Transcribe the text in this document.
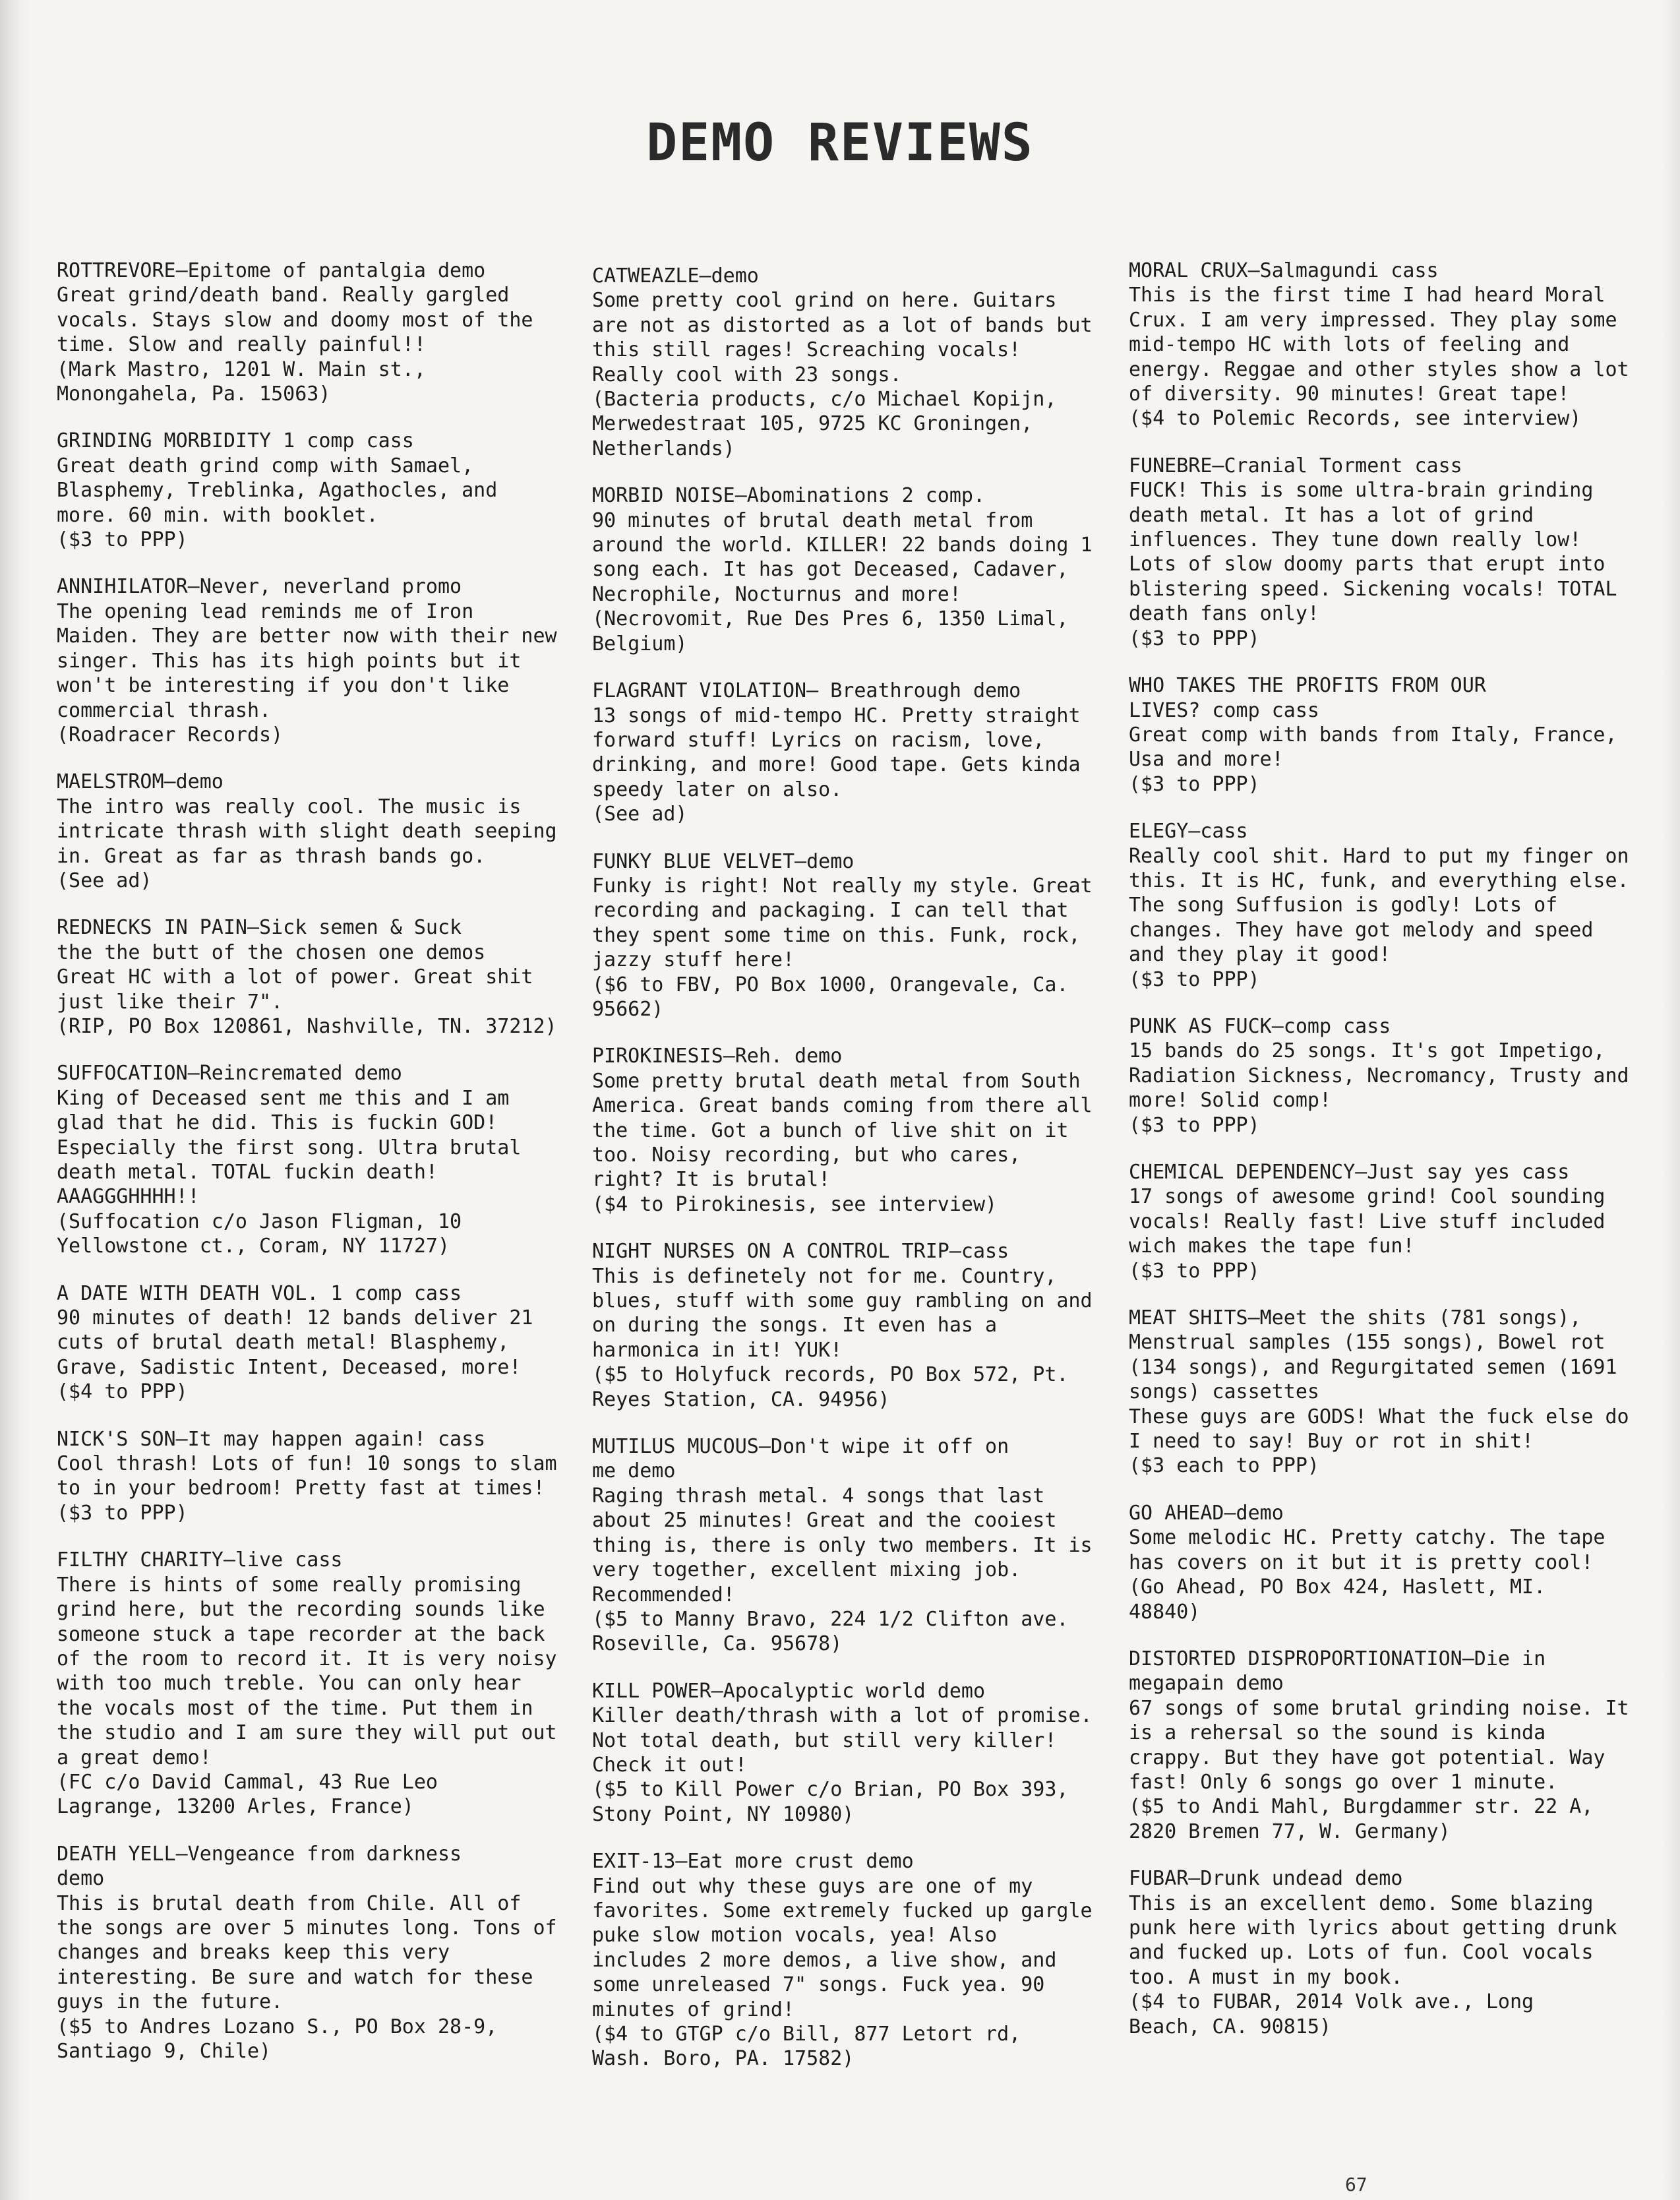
DEMO REVIEWS

ROTTREVORE–Epitome of pantalgia demo

Great grind/death band. Really gargled vocals. Stays slow and doomy most of the time. Slow and really painful!!
(Mark Mastro, 1201 W. Main st.,
Monongahela, Pa. 15063)

GRINDING MORBIDITY 1 comp cass

Great death grind comp with Samael, Blasphemy, Treblinka, Agathocles, and more. 60 min. with booklet.
($3 to PPP)

ANNIHILATOR–Never, neverland promo

The opening lead reminds me of Iron Maiden. They are better now with their new singer. This has its high points but it won't be interesting if you don't like commercial thrash.
(Roadracer Records)

MAELSTROM–demo

The intro was really cool. The music is intricate thrash with slight death seeping in. Great as far as thrash bands go.
(See ad)

REDNECKS IN PAIN–Sick semen & Suck

the the butt of the chosen one demos
Great HC with a lot of power. Great shit just like their 7".
(RIP, PO Box 120861, Nashville, TN. 37212)

SUFFOCATION–Reincremated demo

King of Deceased sent me this and I am glad that he did. This is fuckin GOD! Especially the first song. Ultra brutal death metal. TOTAL fuckin death!
AAAGGGHHHH!!
(Suffocation c/o Jason Fligman, 10
Yellowstone ct., Coram, NY 11727)

A DATE WITH DEATH VOL. 1 comp cass

90 minutes of death! 12 bands deliver 21 cuts of brutal death metal! Blasphemy, Grave, Sadistic Intent, Deceased, more!
($4 to PPP)

NICK'S SON–It may happen again! cass

Cool thrash! Lots of fun! 10 songs to slam to in your bedroom! Pretty fast at times!
($3 to PPP)

FILTHY CHARITY–live cass

There is hints of some really promising grind here, but the recording sounds like someone stuck a tape recorder at the back of the room to record it. It is very noisy with too much treble. You can only hear the vocals most of the time. Put them in the studio and I am sure they will put out a great demo!
(FC c/o David Cammal, 43 Rue Leo
Lagrange, 13200 Arles, France)

DEATH YELL–Vengeance from darkness

demo
This is brutal death from Chile. All of the songs are over 5 minutes long. Tons of changes and breaks keep this very interesting. Be sure and watch for these guys in the future.
($5 to Andres Lozano S., PO Box 28-9,
Santiago 9, Chile)

CATWEAZLE–demo

Some pretty cool grind on here. Guitars are not as distorted as a lot of bands but this still rages! Screaching vocals! Really cool with 23 songs.
(Bacteria products, c/o Michael Kopijn,
Merwedestraat 105, 9725 KC Groningen,
Netherlands)

MORBID NOISE–Abominations 2 comp.

90 minutes of brutal death metal from around the world. KILLER! 22 bands doing 1 song each. It has got Deceased, Cadaver, Necrophile, Nocturnus and more!
(Necrovomit, Rue Des Pres 6, 1350 Limal,
Belgium)

FLAGRANT VIOLATION– Breathrough demo

13 songs of mid-tempo HC. Pretty straight forward stuff! Lyrics on racism, love, drinking, and more! Good tape. Gets kinda speedy later on also.
(See ad)

FUNKY BLUE VELVET–demo

Funky is right! Not really my style. Great recording and packaging. I can tell that they spent some time on this. Funk, rock, jazzy stuff here!
($6 to FBV, PO Box 1000, Orangevale, Ca.
95662)

PIROKINESIS–Reh. demo

Some pretty brutal death metal from South America. Great bands coming from there all the time. Got a bunch of live shit on it too. Noisy recording, but who cares, right? It is brutal!
($4 to Pirokinesis, see interview)

NIGHT NURSES ON A CONTROL TRIP–cass

This is definetely not for me. Country, blues, stuff with some guy rambling on and on during the songs. It even has a harmonica in it! YUK!
($5 to Holyfuck records, PO Box 572, Pt.
Reyes Station, CA. 94956)

MUTILUS MUCOUS–Don't wipe it off on

me demo
Raging thrash metal. 4 songs that last about 25 minutes! Great and the cooiest thing is, there is only two members. It is very together, excellent mixing job. Recommended!
($5 to Manny Bravo, 224 1/2 Clifton ave.
Roseville, Ca. 95678)

KILL POWER–Apocalyptic world demo

Killer death/thrash with a lot of promise. Not total death, but still very killer! Check it out!
($5 to Kill Power c/o Brian, PO Box 393,
Stony Point, NY 10980)

EXIT-13–Eat more crust demo

Find out why these guys are one of my favorites. Some extremely fucked up gargle puke slow motion vocals, yea! Also includes 2 more demos, a live show, and some unreleased 7" songs. Fuck yea. 90 minutes of grind!
($4 to GTGP c/o Bill, 877 Letort rd,
Wash. Boro, PA. 17582)

MORAL CRUX–Salmagundi cass

This is the first time I had heard Moral Crux. I am very impressed. They play some mid-tempo HC with lots of feeling and energy. Reggae and other styles show a lot of diversity. 90 minutes! Great tape!
($4 to Polemic Records, see interview)

FUNEBRE–Cranial Torment cass

FUCK! This is some ultra-brain grinding death metal. It has a lot of grind influences. They tune down really low! Lots of slow doomy parts that erupt into blistering speed. Sickening vocals! TOTAL death fans only!
($3 to PPP)

WHO TAKES THE PROFITS FROM OUR

LIVES? comp cass
Great comp with bands from Italy, France, Usa and more!
($3 to PPP)

ELEGY–cass

Really cool shit. Hard to put my finger on this. It is HC, funk, and everything else. The song Suffusion is godly! Lots of changes. They have got melody and speed and they play it good!
($3 to PPP)

PUNK AS FUCK–comp cass

15 bands do 25 songs. It's got Impetigo, Radiation Sickness, Necromancy, Trusty and more! Solid comp!
($3 to PPP)

CHEMICAL DEPENDENCY–Just say yes cass

17 songs of awesome grind! Cool sounding vocals! Really fast! Live stuff included wich makes the tape fun!
($3 to PPP)

MEAT SHITS–Meet the shits (781 songs),

Menstrual samples (155 songs), Bowel rot (134 songs), and Regurgitated semen (1691 songs) cassettes
These guys are GODS! What the fuck else do I need to say! Buy or rot in shit!
($3 each to PPP)

GO AHEAD–demo

Some melodic HC. Pretty catchy. The tape has covers on it but it is pretty cool!
(Go Ahead, PO Box 424, Haslett, MI.
48840)

DISTORTED DISPROPORTIONATION–Die in

megapain demo
67 songs of some brutal grinding noise. It is a rehersal so the sound is kinda crappy. But they have got potential. Way fast! Only 6 songs go over 1 minute.
($5 to Andi Mahl, Burgdammer str. 22 A,
2820 Bremen 77, W. Germany)

FUBAR–Drunk undead demo

This is an excellent demo. Some blazing punk here with lyrics about getting drunk and fucked up. Lots of fun. Cool vocals too. A must in my book.
($4 to FUBAR, 2014 Volk ave., Long
Beach, CA. 90815)

67
